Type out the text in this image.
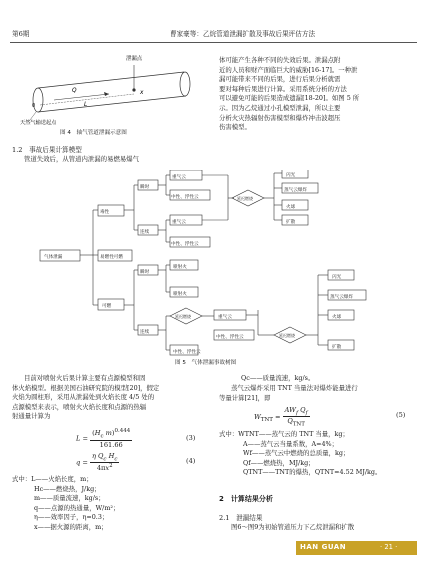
第6期	曹家豪等：乙烷管道泄漏扩散及事故后果评估方法
泄漏点
Q
L
x
0
天然气输送起点
图 4　轴气管道泄漏示意图
1.2　事故后果计算模型
管道失效后，从管道内泄漏的易燃易爆气
体可能产生各种不同的失效后果。泄漏点附
近的人员和财产面临巨大的威胁[16-17]。一种泄
漏可能带来不同的后果，进行后果分析就需
要对每种后果进行计算。采用系统分析的方法
可以避免可能的后果造成遗漏[18-20]。如图 5 所
示。因为乙烷通过小孔模型泄漏，所以主要
分析火灾热辐射伤害模型和爆炸冲击波超压
伤害模型。
气体泄漏
毒性
易燃性可燃
可燃
瞬时
连续
重气云
中性、浮性云
重气云
中性、浮性云
延迟燃烧
闪光
蒸气云爆炸
火球
扩散
瞬时
连续
喷射火
喷射火
延迟燃烧
中性、浮性云
重气云
中性、浮性云	延迟燃烧
闪光
蒸气云爆炸
火球
扩散
图 5　气体泄漏事故树图
目前对喷射火后果计算主要有点源模型和固
体火焰模型。根据美国石油研究院的模型[20]，假定
火焰为圆柱形，采用从泄漏处到火焰长度 4/5 处的
点源模型来表示，喷射火火焰长度和点源的热辐
射通量计算为
$L = \frac{(H_c m)^{0.444}}{161.66}$	(3)
$q = \frac{\eta Q_c H_c}{4\pi x^2}$	(4)
式中：L——火焰长度，m；
Hc——燃烧热，J/kg；
m——质量流速，kg/s；
q——点源的热通量，W/m²；
η——效率因子，η=0.3；
x——据火源的距离，m；
Qc——质量流速，kg/s。
蒸气云爆炸采用 TNT 当量法对爆炸能量进行
等量计算[21]，即
$W_{TNT}$ =
$AW_f$ $Q_f$
$Q_{TNT}$
(5)
式中：WTNT——蒸气云的 TNT 当量，kg；
A——蒸气云当量系数，A=4%；
Wf——蒸气云中燃烧的总质量，kg；
Qf——燃烧热，MJ/kg；
QTNT——TNT的爆热，QTNT=4.52 MJ/kg。
2　计算结果分析
2.1　泄漏结果
图6～图9为初始管道压力下乙烷泄漏和扩散
HAN GUAN	· 21 ·
